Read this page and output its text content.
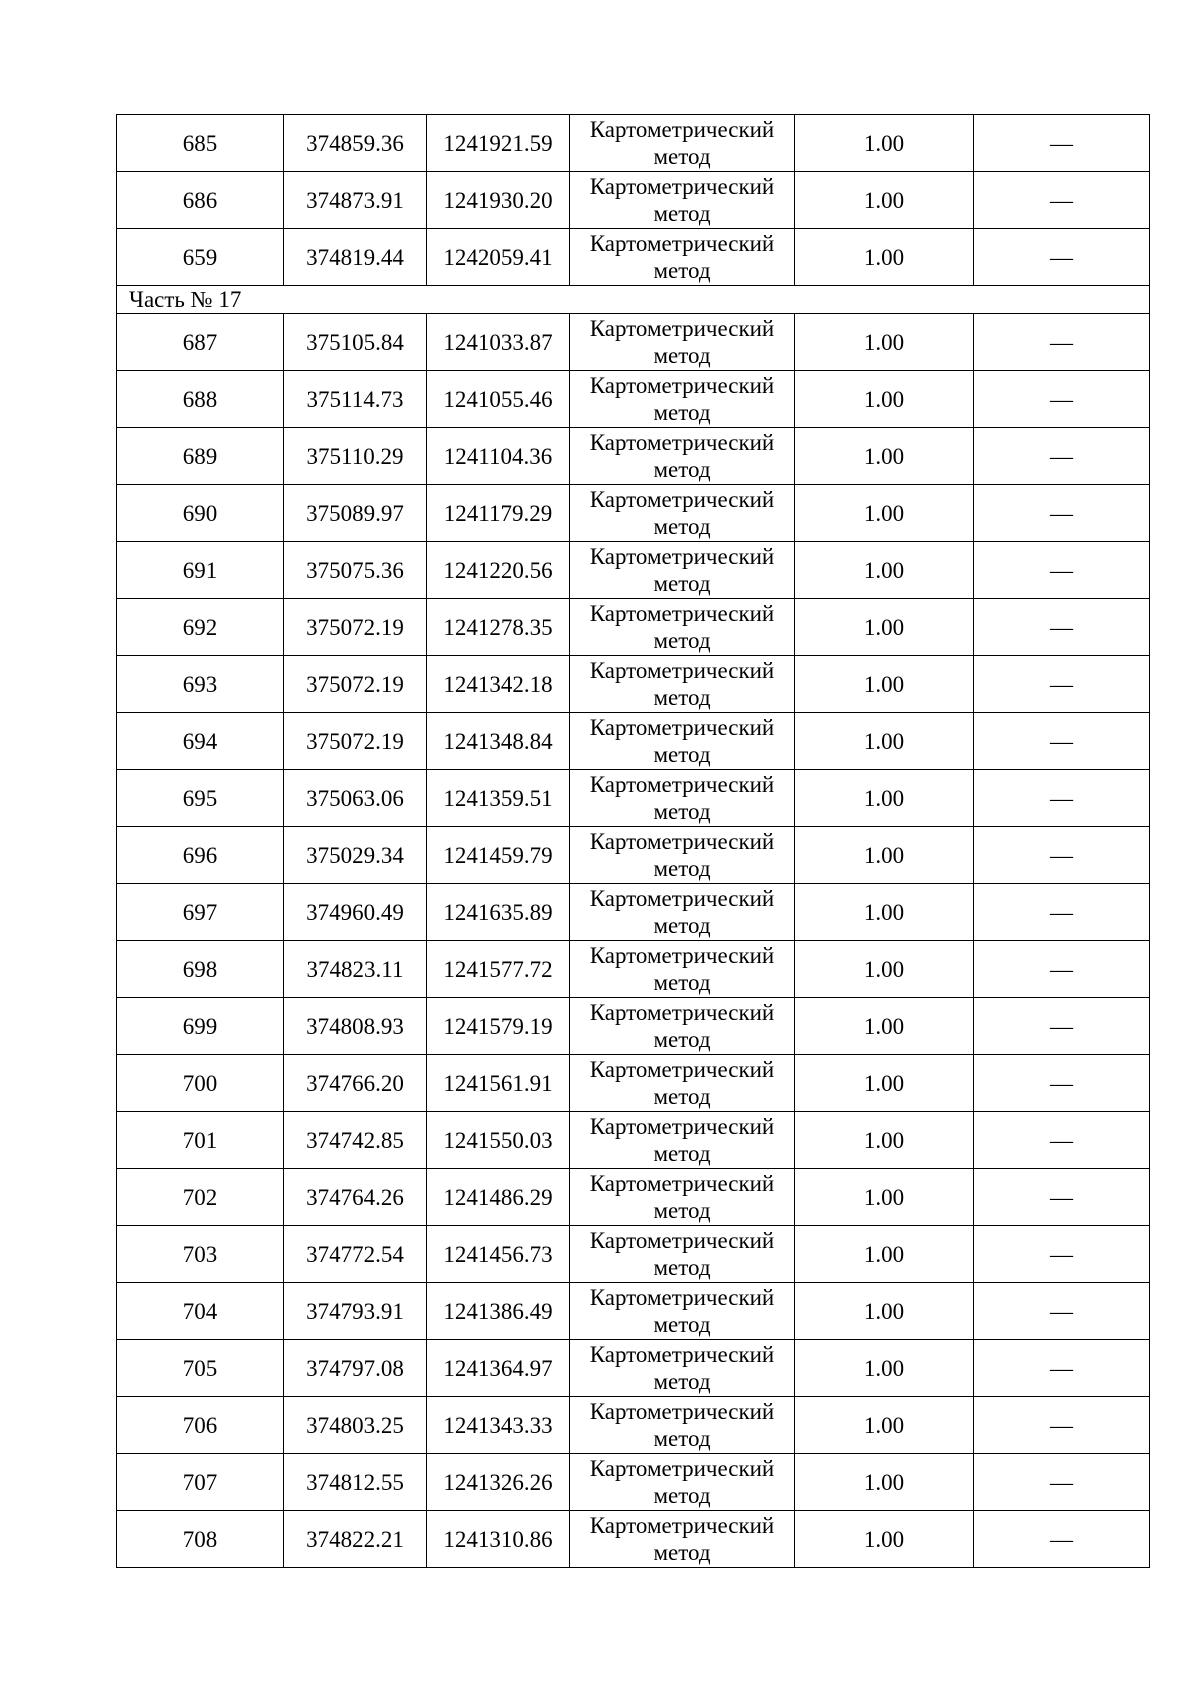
685	374859.36	1241921.59	Картометрический
метод	1.00	—
686	374873.91	1241930.20	Картометрический
метод	1.00	—
659	374819.44	1242059.41	Картометрический
метод	1.00	—
Часть № 17					
687	375105.84	1241033.87	Картометрический
метод	1.00	—
688	375114.73	1241055.46	Картометрический
метод	1.00	—
689	375110.29	1241104.36	Картометрический
метод	1.00	—
690	375089.97	1241179.29	Картометрический
метод	1.00	—
691	375075.36	1241220.56	Картометрический
метод	1.00	—
692	375072.19	1241278.35	Картометрический
метод	1.00	—
693	375072.19	1241342.18	Картометрический
метод	1.00	—
694	375072.19	1241348.84	Картометрический
метод	1.00	—
695	375063.06	1241359.51	Картометрический
метод	1.00	—
696	375029.34	1241459.79	Картометрический
метод	1.00	—
697	374960.49	1241635.89	Картометрический
метод	1.00	—
698	374823.11	1241577.72	Картометрический
метод	1.00	—
699	374808.93	1241579.19	Картометрический
метод	1.00	—
700	374766.20	1241561.91	Картометрический
метод	1.00	—
701	374742.85	1241550.03	Картометрический
метод	1.00	—
702	374764.26	1241486.29	Картометрический
метод	1.00	—
703	374772.54	1241456.73	Картометрический
метод	1.00	—
704	374793.91	1241386.49	Картометрический
метод	1.00	—
705	374797.08	1241364.97	Картометрический
метод	1.00	—
706	374803.25	1241343.33	Картометрический
метод	1.00	—
707	374812.55	1241326.26	Картометрический
метод	1.00	—
708	374822.21	1241310.86	Картометрический
метод	1.00	—
